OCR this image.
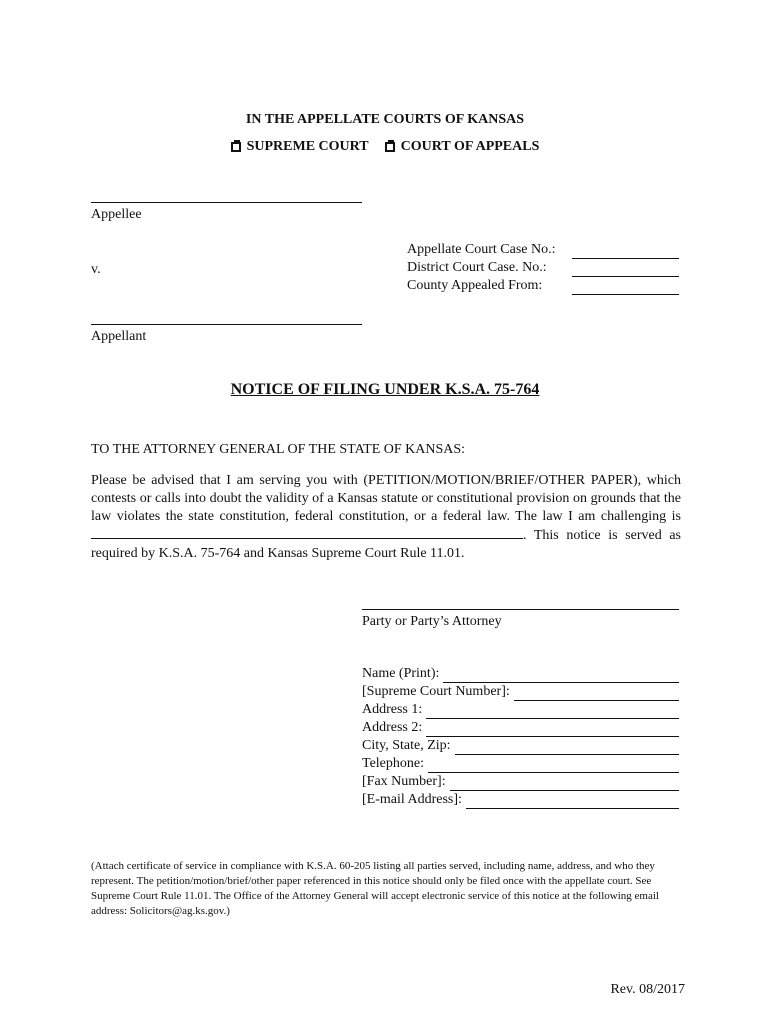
IN THE APPELLATE COURTS OF KANSAS
SUPREME COURT COURT OF APPEALS
Appellee
v.
Appellate Court Case No.:
District Court Case. No.:
County Appealed From:
Appellant
NOTICE OF FILING UNDER K.S.A. 75-764
TO THE ATTORNEY GENERAL OF THE STATE OF KANSAS:
Please be advised that I am serving you with (PETITION/MOTION/BRIEF/OTHER PAPER), which contests or calls into doubt the validity of a Kansas statute or constitutional provision on grounds that the law violates the state constitution, federal constitution, or a federal law. The law I am challenging is . This notice is served as required by K.S.A. 75-764 and Kansas Supreme Court Rule 11.01.
Party or Party’s Attorney
Name (Print):
[Supreme Court Number]:
Address 1:
Address 2:
City, State, Zip:
Telephone:
[Fax Number]:
[E-mail Address]:
(Attach certificate of service in compliance with K.S.A. 60-205 listing all parties served, including name, address, and who they represent. The petition/motion/brief/other paper referenced in this notice should only be filed once with the appellate court. See Supreme Court Rule 11.01. The Office of the Attorney General will accept electronic service of this notice at the following email address: Solicitors@ag.ks.gov.)
Rev. 08/2017
